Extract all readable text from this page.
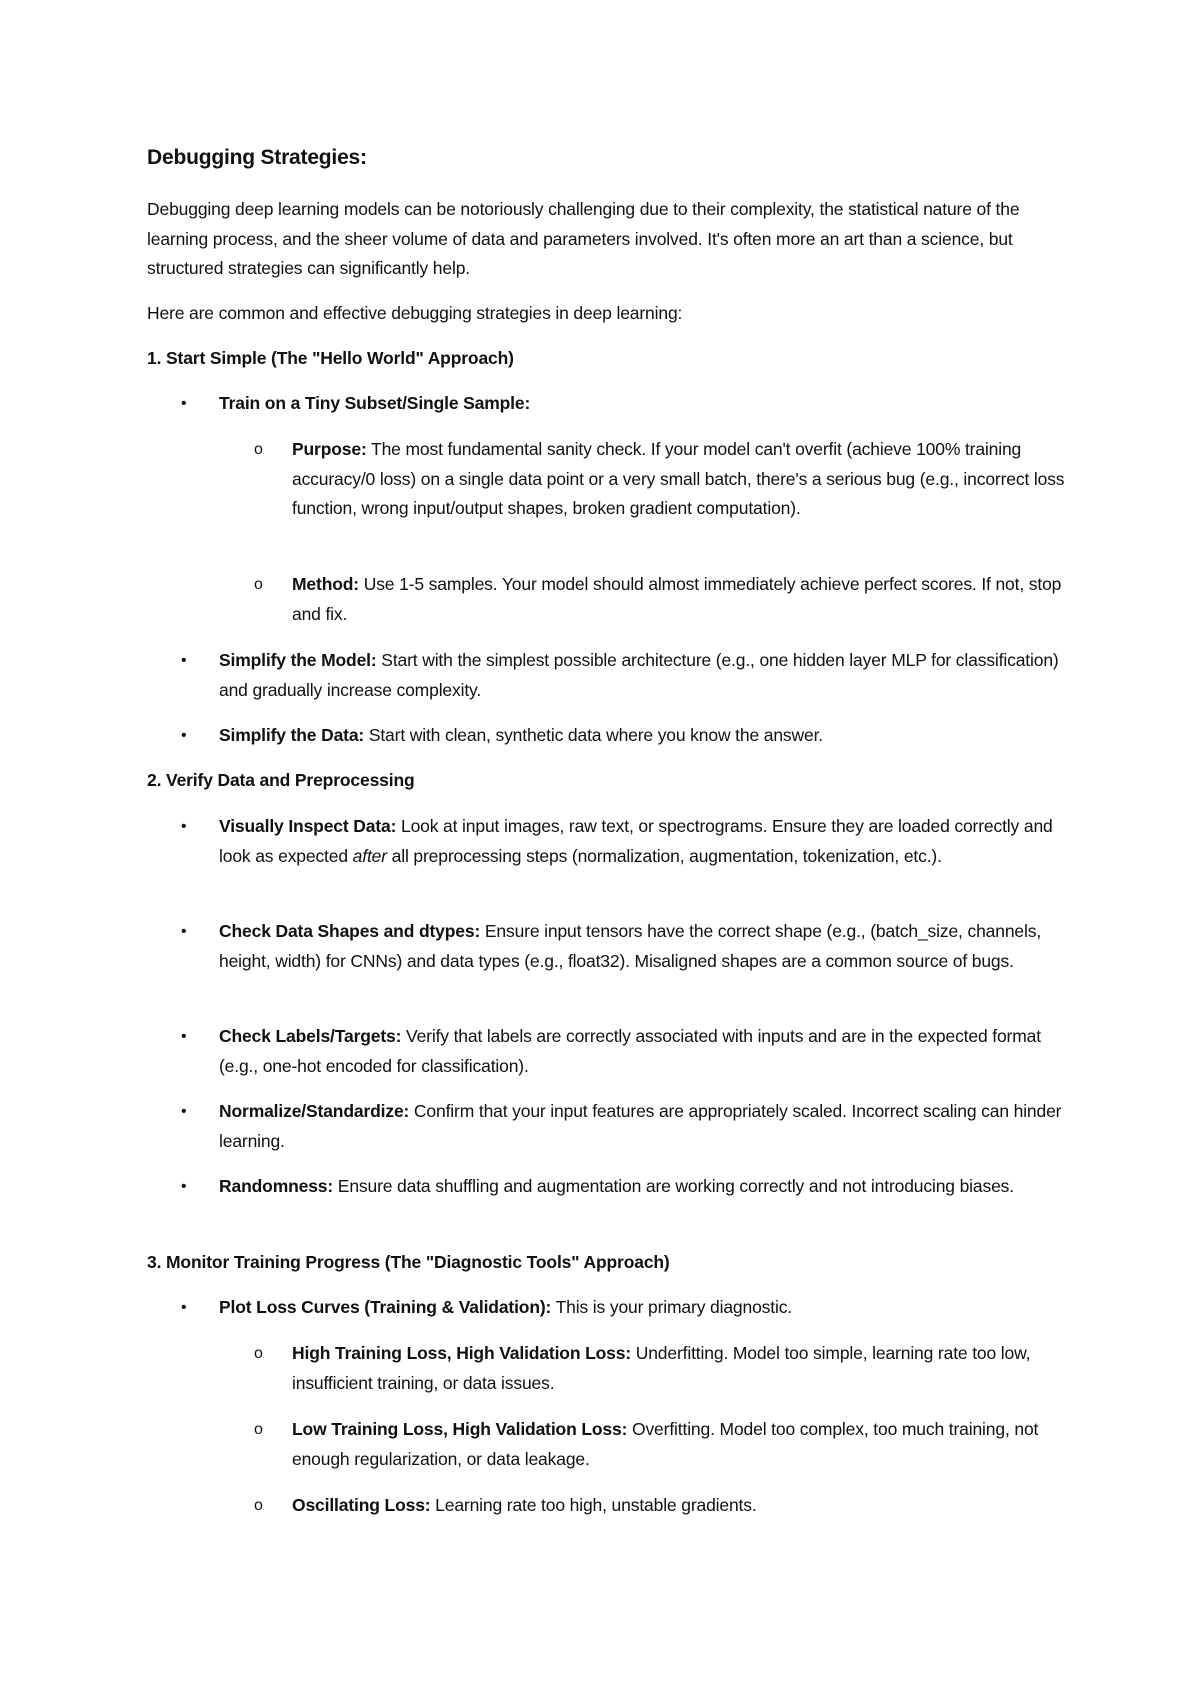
Debugging Strategies:
Debugging deep learning models can be notoriously challenging due to their complexity, the statistical nature of the learning process, and the sheer volume of data and parameters involved. It's often more an art than a science, but structured strategies can significantly help.
Here are common and effective debugging strategies in deep learning:
1. Start Simple (The "Hello World" Approach)
• Train on a Tiny Subset/Single Sample:
o Purpose: The most fundamental sanity check. If your model can't overfit (achieve 100% training accuracy/0 loss) on a single data point or a very small batch, there's a serious bug (e.g., incorrect loss function, wrong input/output shapes, broken gradient computation).
o Method: Use 1-5 samples. Your model should almost immediately achieve perfect scores. If not, stop and fix.
• Simplify the Model: Start with the simplest possible architecture (e.g., one hidden layer MLP for classification) and gradually increase complexity.
• Simplify the Data: Start with clean, synthetic data where you know the answer.
2. Verify Data and Preprocessing
• Visually Inspect Data: Look at input images, raw text, or spectrograms. Ensure they are loaded correctly and look as expected after all preprocessing steps (normalization, augmentation, tokenization, etc.).
• Check Data Shapes and dtypes: Ensure input tensors have the correct shape (e.g., (batch_size, channels, height, width) for CNNs) and data types (e.g., float32). Misaligned shapes are a common source of bugs.
• Check Labels/Targets: Verify that labels are correctly associated with inputs and are in the expected format (e.g., one-hot encoded for classification).
• Normalize/Standardize: Confirm that your input features are appropriately scaled. Incorrect scaling can hinder learning.
• Randomness: Ensure data shuffling and augmentation are working correctly and not introducing biases.
3. Monitor Training Progress (The "Diagnostic Tools" Approach)
• Plot Loss Curves (Training & Validation): This is your primary diagnostic.
o High Training Loss, High Validation Loss: Underfitting. Model too simple, learning rate too low, insufficient training, or data issues.
o Low Training Loss, High Validation Loss: Overfitting. Model too complex, too much training, not enough regularization, or data leakage.
o Oscillating Loss: Learning rate too high, unstable gradients.
